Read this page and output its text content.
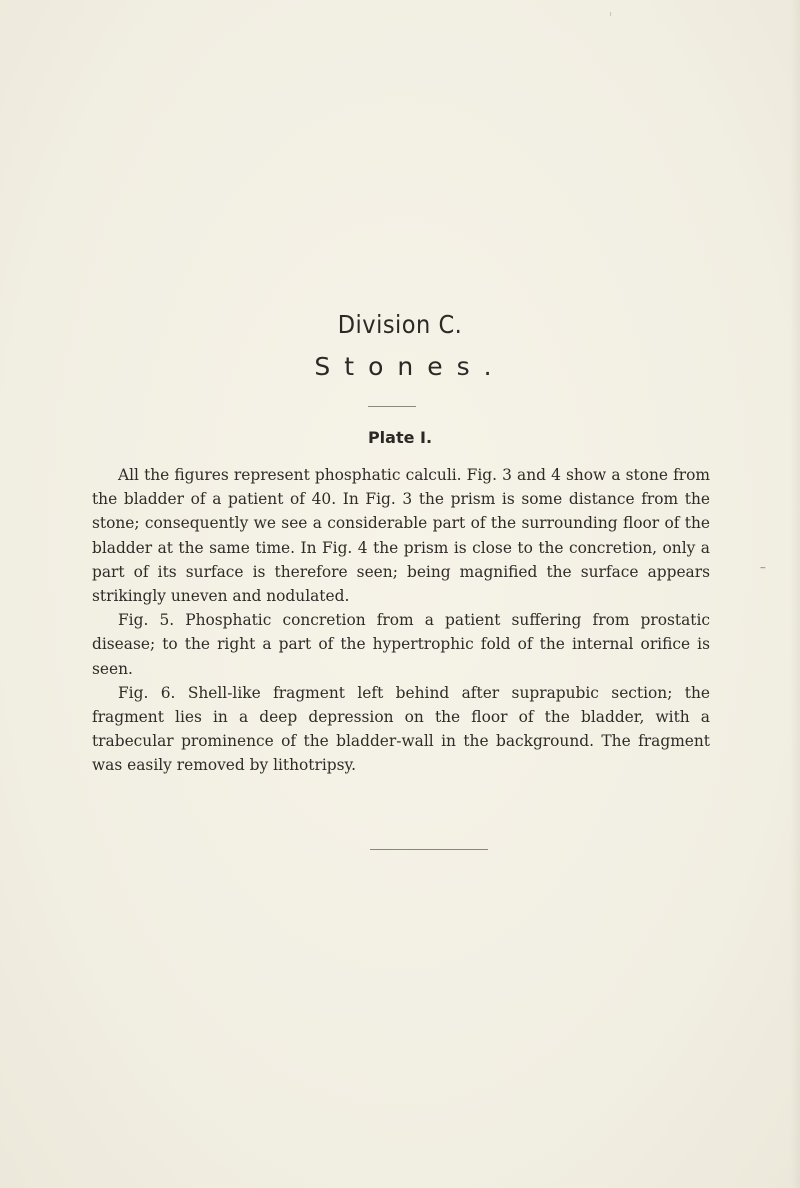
Division C.
Stones.
Plate I.

All the figures represent phosphatic calculi. Fig. 3 and 4 show a stone from the bladder of a patient of 40. In Fig. 3 the prism is some distance from the stone; consequently we see a considerable part of the surrounding floor of the bladder at the same time. In Fig. 4 the prism is close to the concretion, only a part of its surface is therefore seen; being magnified the surface appears strikingly uneven and nodulated.

Fig. 5. Phosphatic concretion from a patient suffering from prostatic disease; to the right a part of the hypertrophic fold of the internal orifice is seen.

Fig. 6. Shell-like fragment left behind after suprapubic section; the fragment lies in a deep depression on the floor of the bladder, with a trabecular prominence of the bladder-wall in the background. The fragment was easily removed by lithotripsy.

‒
